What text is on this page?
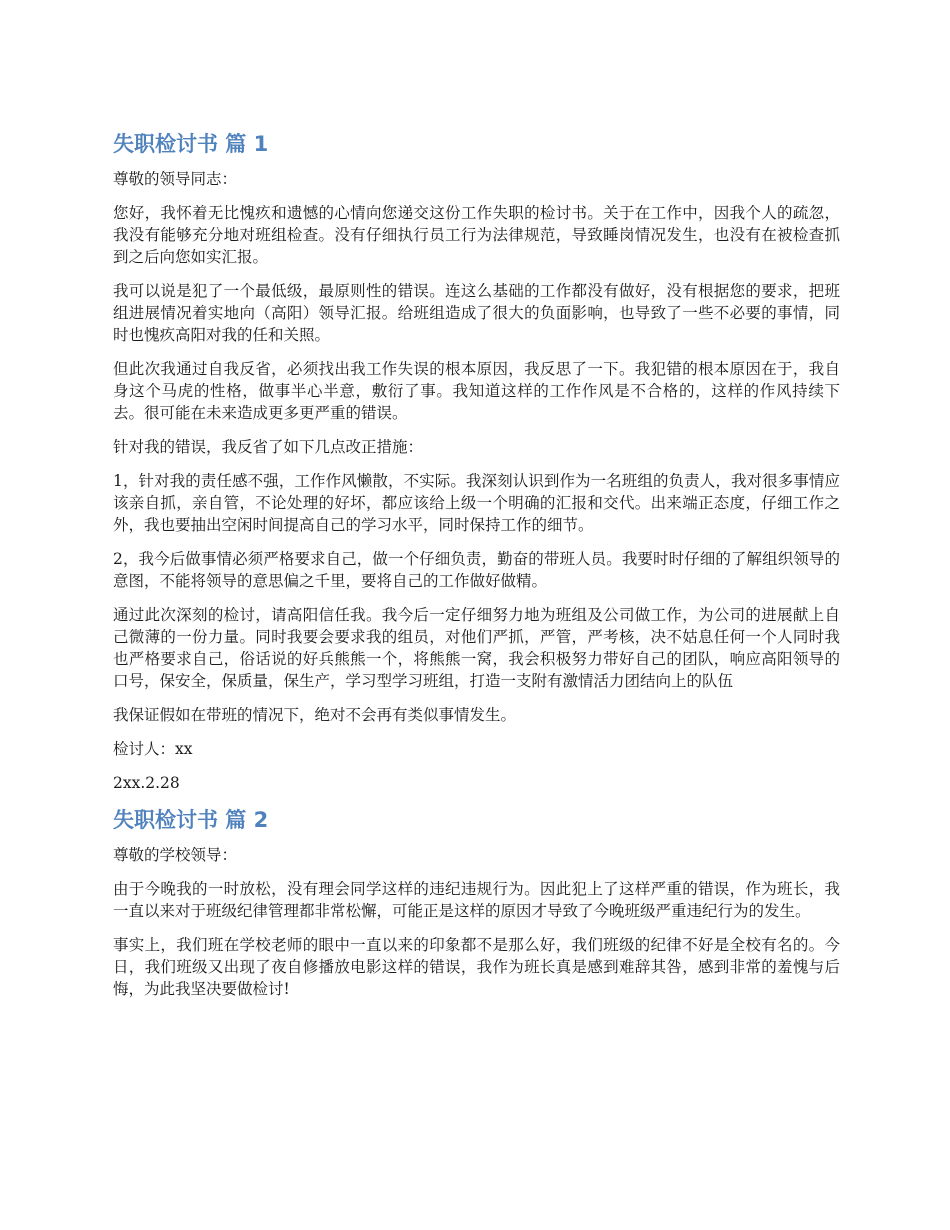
失职检讨书 篇 1

尊敬的领导同志：

您好，我怀着无比愧疚和遗憾的心情向您递交这份工作失职的检讨书。关于在工作中，因我个人的疏忽，我没有能够充分地对班组检查。没有仔细执行员工行为法律规范，导致睡岗情况发生，也没有在被检查抓到之后向您如实汇报。

我可以说是犯了一个最低级，最原则性的错误。连这么基础的工作都没有做好，没有根据您的要求，把班组进展情况着实地向（高阳）领导汇报。给班组造成了很大的负面影响，也导致了一些不必要的事情，同时也愧疚高阳对我的任和关照。

但此次我通过自我反省，必须找出我工作失误的根本原因，我反思了一下。我犯错的根本原因在于，我自身这个马虎的性格，做事半心半意，敷衍了事。我知道这样的工作作风是不合格的，这样的作风持续下去。很可能在未来造成更多更严重的错误。

针对我的错误，我反省了如下几点改正措施：

1，针对我的责任感不强，工作作风懒散，不实际。我深刻认识到作为一名班组的负责人，我对很多事情应该亲自抓，亲自管，不论处理的好坏，都应该给上级一个明确的汇报和交代。出来端正态度，仔细工作之外，我也要抽出空闲时间提高自己的学习水平，同时保持工作的细节。

2，我今后做事情必须严格要求自己，做一个仔细负责，勤奋的带班人员。我要时时仔细的了解组织领导的意图，不能将领导的意思偏之千里，要将自己的工作做好做精。

通过此次深刻的检讨，请高阳信任我。我今后一定仔细努力地为班组及公司做工作，为公司的进展献上自己微薄的一份力量。同时我要会要求我的组员，对他们严抓，严管，严考核，决不姑息任何一个人同时我也严格要求自己，俗话说的好兵熊熊一个，将熊熊一窝，我会积极努力带好自己的团队，响应高阳领导的口号，保安全，保质量，保生产，学习型学习班组，打造一支附有激情活力团结向上的队伍

我保证假如在带班的情况下，绝对不会再有类似事情发生。

检讨人：xx

2xx.2.28

失职检讨书 篇 2

尊敬的学校领导：

由于今晚我的一时放松，没有理会同学这样的违纪违规行为。因此犯上了这样严重的错误，作为班长，我一直以来对于班级纪律管理都非常松懈，可能正是这样的原因才导致了今晚班级严重违纪行为的发生。

事实上，我们班在学校老师的眼中一直以来的印象都不是那么好，我们班级的纪律不好是全校有名的。今日，我们班级又出现了夜自修播放电影这样的错误，我作为班长真是感到难辞其咎，感到非常的羞愧与后悔，为此我坚决要做检讨!
